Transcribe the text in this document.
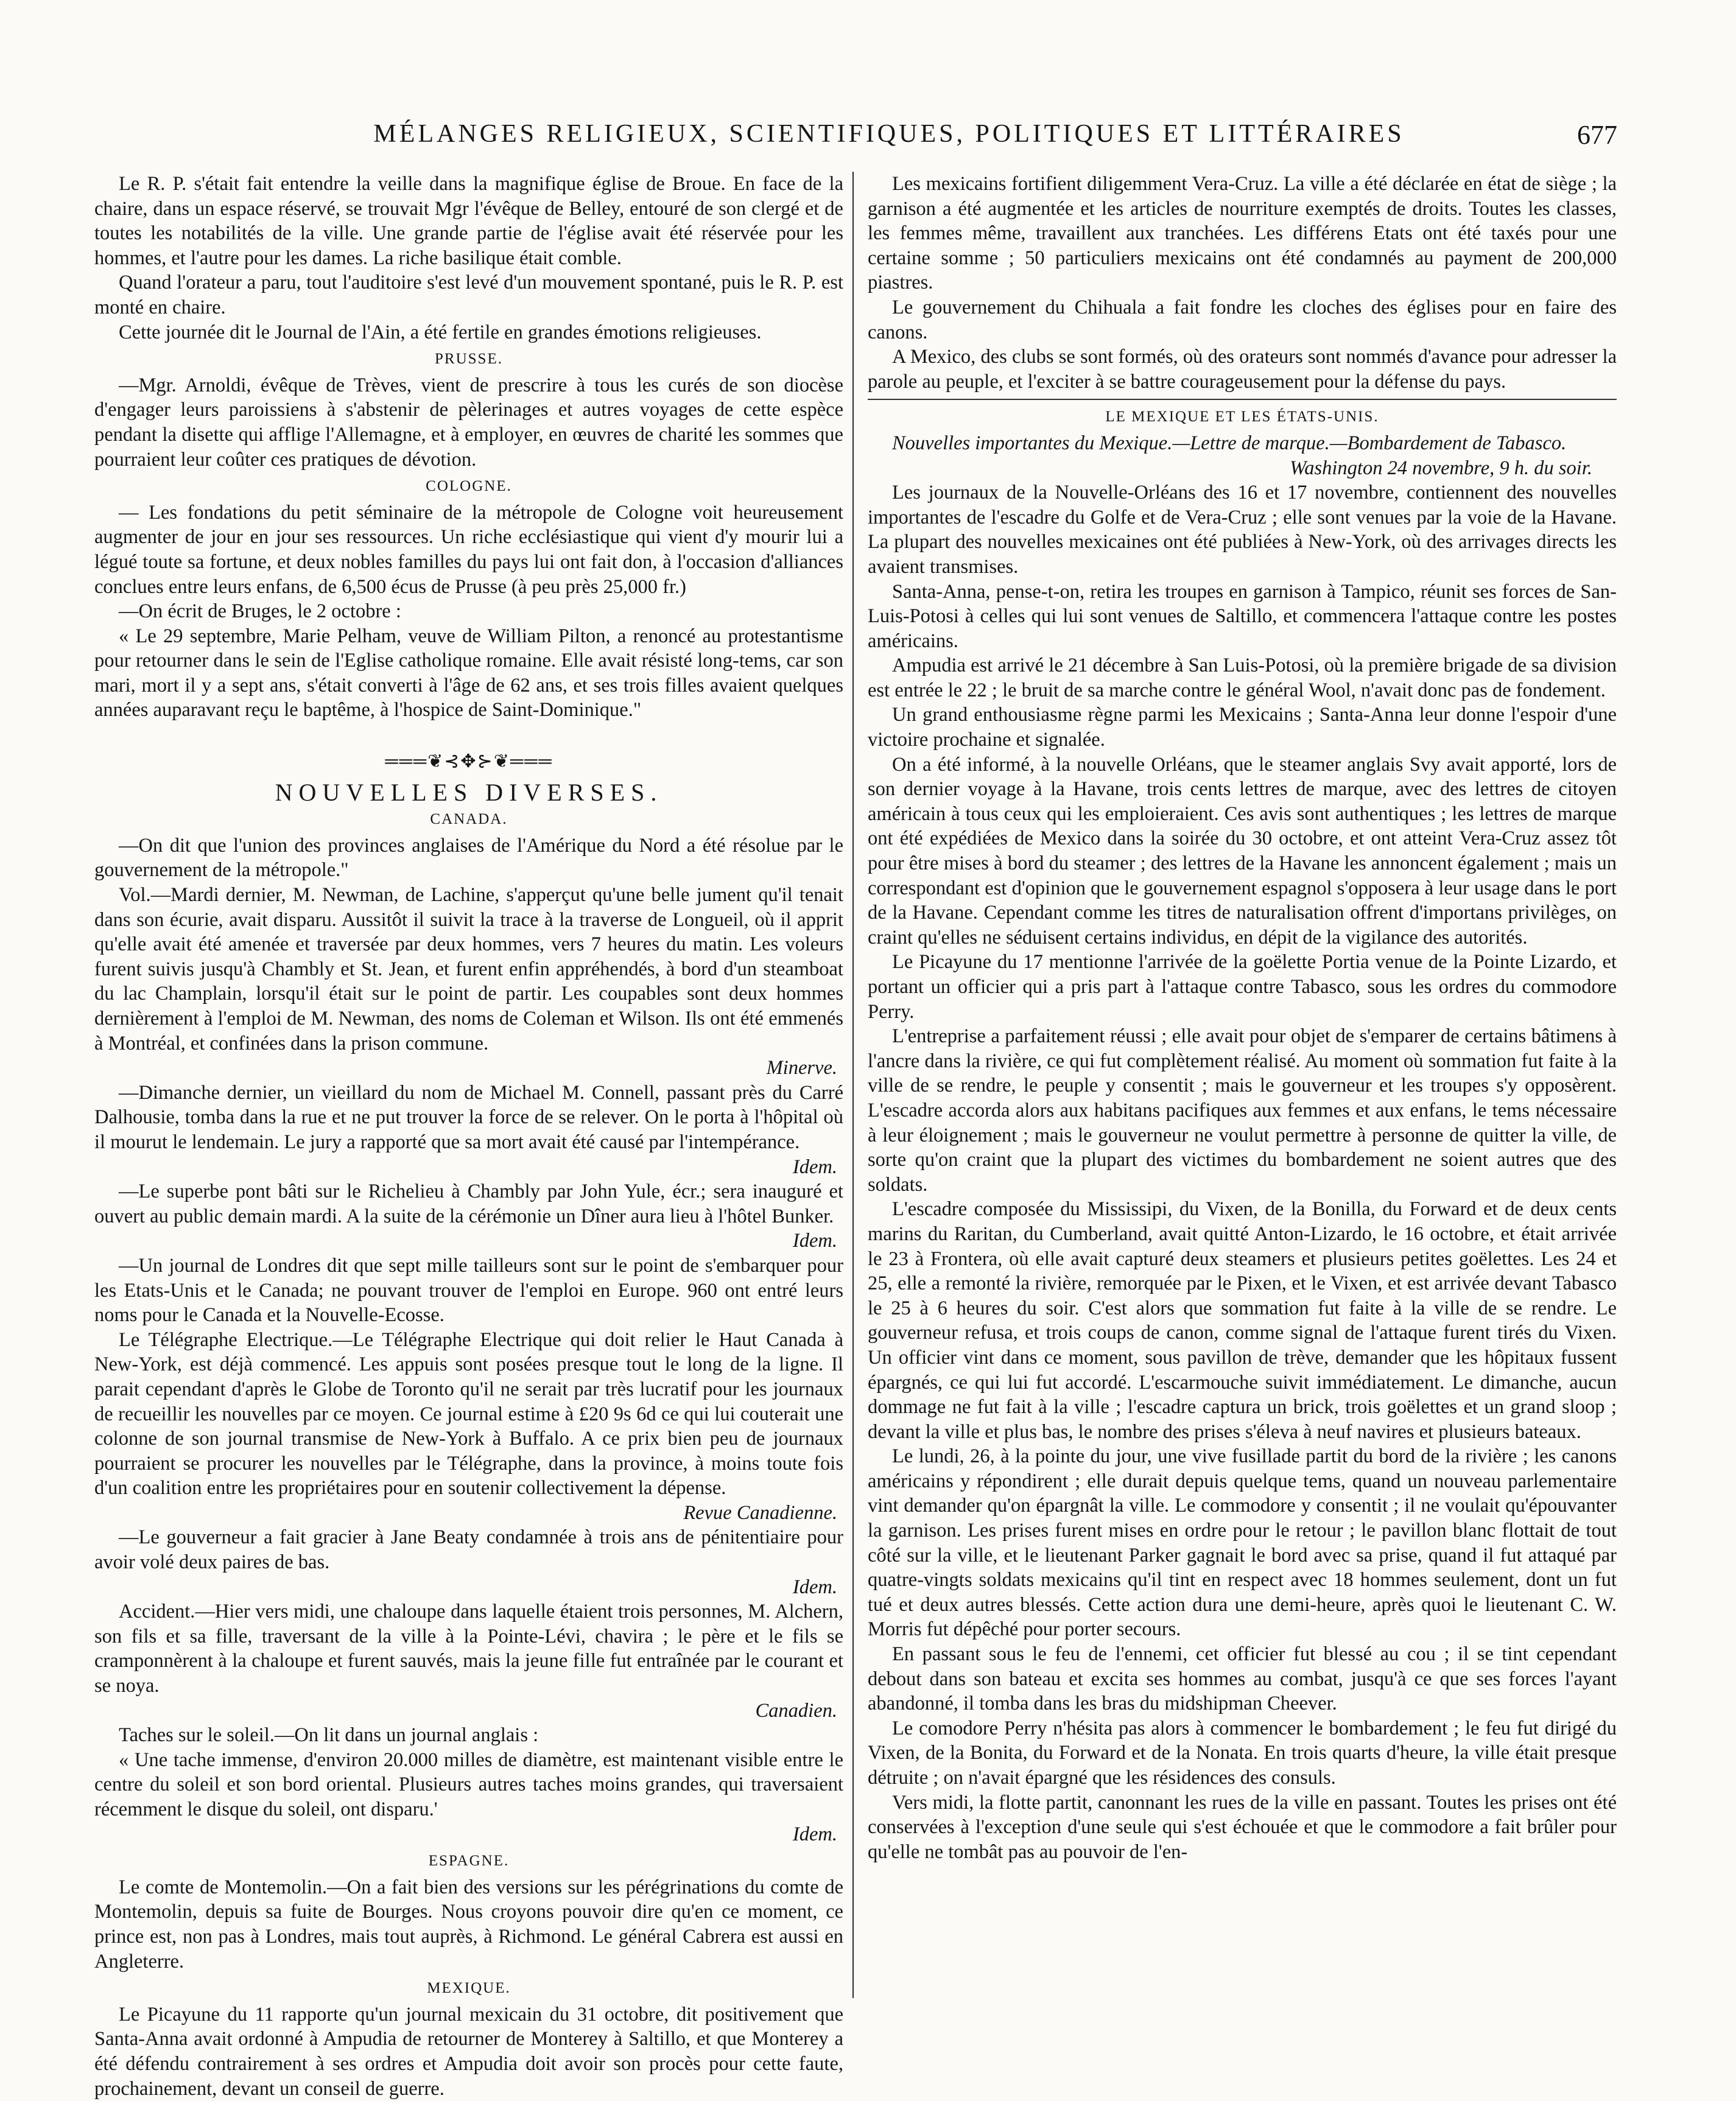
MÉLANGES RELIGIEUX, SCIENTIFIQUES, POLITIQUES ET LITTÉRAIRES	677

Le R. P. s'était fait entendre la veille dans la magnifique église de Broue. En face de la chaire, dans un espace réservé, se trouvait Mgr l'évêque de Belley, entouré de son clergé et de toutes les notabilités de la ville. Une grande partie de l'église avait été réservée pour les hommes, et l'autre pour les dames. La riche basilique était comble.

Quand l'orateur a paru, tout l'auditoire s'est levé d'un mouvement spontané, puis le R. P. est monté en chaire.

Cette journée dit le Journal de l'Ain, a été fertile en grandes émotions religieuses.

PRUSSE.

—Mgr. Arnoldi, évêque de Trèves, vient de prescrire à tous les curés de son diocèse d'engager leurs paroissiens à s'abstenir de pèlerinages et autres voyages de cette espèce pendant la disette qui afflige l'Allemagne, et à employer, en œuvres de charité les sommes que pourraient leur coûter ces pratiques de dévotion.

COLOGNE.

— Les fondations du petit séminaire de la métropole de Cologne voit heureusement augmenter de jour en jour ses ressources. Un riche ecclésiastique qui vient d'y mourir lui a légué toute sa fortune, et deux nobles familles du pays lui ont fait don, à l'occasion d'alliances conclues entre leurs enfans, de 6,500 écus de Prusse (à peu près 25,000 fr.)

—On écrit de Bruges, le 2 octobre :

« Le 29 septembre, Marie Pelham, veuve de William Pilton, a renoncé au protestantisme pour retourner dans le sein de l'Eglise catholique romaine. Elle avait résisté long-tems, car son mari, mort il y a sept ans, s'était converti à l'âge de 62 ans, et ses trois filles avaient quelques années auparavant reçu le baptême, à l'hospice de Saint-Dominique."

═══❦⊰✥⊱❦═══
NOUVELLES DIVERSES.
CANADA.

—On dit que l'union des provinces anglaises de l'Amérique du Nord a été résolue par le gouvernement de la métropole."

Vol.—Mardi dernier, M. Newman, de Lachine, s'apperçut qu'une belle jument qu'il tenait dans son écurie, avait disparu. Aussitôt il suivit la trace à la traverse de Longueil, où il apprit qu'elle avait été amenée et traversée par deux hommes, vers 7 heures du matin. Les voleurs furent suivis jusqu'à Chambly et St. Jean, et furent enfin appréhendés, à bord d'un steamboat du lac Champlain, lorsqu'il était sur le point de partir. Les coupables sont deux hommes dernièrement à l'emploi de M. Newman, des noms de Coleman et Wilson. Ils ont été emmenés à Montréal, et confinées dans la prison commune.

Minerve.

—Dimanche dernier, un vieillard du nom de Michael M. Connell, passant près du Carré Dalhousie, tomba dans la rue et ne put trouver la force de se relever. On le porta à l'hôpital où il mourut le lendemain. Le jury a rapporté que sa mort avait été causé par l'intempérance.

Idem.

—Le superbe pont bâti sur le Richelieu à Chambly par John Yule, écr.; sera inauguré et ouvert au public demain mardi. A la suite de la cérémonie un Dîner aura lieu à l'hôtel Bunker.

Idem.

—Un journal de Londres dit que sept mille tailleurs sont sur le point de s'embarquer pour les Etats-Unis et le Canada; ne pouvant trouver de l'emploi en Europe. 960 ont entré leurs noms pour le Canada et la Nouvelle-Ecosse.

Le Télégraphe Electrique.—Le Télégraphe Electrique qui doit relier le Haut Canada à New-York, est déjà commencé. Les appuis sont posées presque tout le long de la ligne. Il parait cependant d'après le Globe de Toronto qu'il ne serait par très lucratif pour les journaux de recueillir les nouvelles par ce moyen. Ce journal estime à £20 9s 6d ce qui lui couterait une colonne de son journal transmise de New-York à Buffalo. A ce prix bien peu de journaux pourraient se procurer les nouvelles par le Télégraphe, dans la province, à moins toute fois d'un coalition entre les propriétaires pour en soutenir collectivement la dépense.

Revue Canadienne.

—Le gouverneur a fait gracier à Jane Beaty condamnée à trois ans de pénitentiaire pour avoir volé deux paires de bas.

Idem.

Accident.—Hier vers midi, une chaloupe dans laquelle étaient trois personnes, M. Alchern, son fils et sa fille, traversant de la ville à la Pointe-Lévi, chavira ; le père et le fils se cramponnèrent à la chaloupe et furent sauvés, mais la jeune fille fut entraînée par le courant et se noya.

Canadien.

Taches sur le soleil.—On lit dans un journal anglais :

« Une tache immense, d'environ 20.000 milles de diamètre, est maintenant visible entre le centre du soleil et son bord oriental. Plusieurs autres taches moins grandes, qui traversaient récemment le disque du soleil, ont disparu.'

Idem.
ESPAGNE.

Le comte de Montemolin.—On a fait bien des versions sur les pérégrinations du comte de Montemolin, depuis sa fuite de Bourges. Nous croyons pouvoir dire qu'en ce moment, ce prince est, non pas à Londres, mais tout auprès, à Richmond. Le général Cabrera est aussi en Angleterre.

MEXIQUE.

Le Picayune du 11 rapporte qu'un journal mexicain du 31 octobre, dit positivement que Santa-Anna avait ordonné à Ampudia de retourner de Monterey à Saltillo, et que Monterey a été défendu contrairement à ses ordres et Ampudia doit avoir son procès pour cette faute, prochainement, devant un conseil de guerre.

Les mexicains fortifient diligemment Vera-Cruz. La ville a été déclarée en état de siège ; la garnison a été augmentée et les articles de nourriture exemptés de droits. Toutes les classes, les femmes même, travaillent aux tranchées. Les différens Etats ont été taxés pour une certaine somme ; 50 particuliers mexicains ont été condamnés au payment de 200,000 piastres.

Le gouvernement du Chihuala a fait fondre les cloches des églises pour en faire des canons.

A Mexico, des clubs se sont formés, où des orateurs sont nommés d'avance pour adresser la parole au peuple, et l'exciter à se battre courageusement pour la défense du pays.

LE MEXIQUE ET LES ÉTATS-UNIS.

Nouvelles importantes du Mexique.—Lettre de marque.—Bombardement de Tabasco.

Washington 24 novembre, 9 h. du soir.

Les journaux de la Nouvelle-Orléans des 16 et 17 novembre, contiennent des nouvelles importantes de l'escadre du Golfe et de Vera-Cruz ; elle sont venues par la voie de la Havane. La plupart des nouvelles mexicaines ont été publiées à New-York, où des arrivages directs les avaient transmises.

Santa-Anna, pense-t-on, retira les troupes en garnison à Tampico, réunit ses forces de San-Luis-Potosi à celles qui lui sont venues de Saltillo, et commencera l'attaque contre les postes américains.

Ampudia est arrivé le 21 décembre à San Luis-Potosi, où la première brigade de sa division est entrée le 22 ; le bruit de sa marche contre le général Wool, n'avait donc pas de fondement.

Un grand enthousiasme règne parmi les Mexicains ; Santa-Anna leur donne l'espoir d'une victoire prochaine et signalée.

On a été informé, à la nouvelle Orléans, que le steamer anglais Svy avait apporté, lors de son dernier voyage à la Havane, trois cents lettres de marque, avec des lettres de citoyen américain à tous ceux qui les emploieraient. Ces avis sont authentiques ; les lettres de marque ont été expédiées de Mexico dans la soirée du 30 octobre, et ont atteint Vera-Cruz assez tôt pour être mises à bord du steamer ; des lettres de la Havane les annoncent également ; mais un correspondant est d'opinion que le gouvernement espagnol s'opposera à leur usage dans le port de la Havane. Cependant comme les titres de naturalisation offrent d'importans privilèges, on craint qu'elles ne séduisent certains individus, en dépit de la vigilance des autorités.

Le Picayune du 17 mentionne l'arrivée de la goëlette Portia venue de la Pointe Lizardo, et portant un officier qui a pris part à l'attaque contre Tabasco, sous les ordres du commodore Perry.

L'entreprise a parfaitement réussi ; elle avait pour objet de s'emparer de certains bâtimens à l'ancre dans la rivière, ce qui fut complètement réalisé. Au moment où sommation fut faite à la ville de se rendre, le peuple y consentit ; mais le gouverneur et les troupes s'y opposèrent. L'escadre accorda alors aux habitans pacifiques aux femmes et aux enfans, le tems nécessaire à leur éloignement ; mais le gouverneur ne voulut permettre à personne de quitter la ville, de sorte qu'on craint que la plupart des victimes du bombardement ne soient autres que des soldats.

L'escadre composée du Mississipi, du Vixen, de la Bonilla, du Forward et de deux cents marins du Raritan, du Cumberland, avait quitté Anton-Lizardo, le 16 octobre, et était arrivée le 23 à Frontera, où elle avait capturé deux steamers et plusieurs petites goëlettes. Les 24 et 25, elle a remonté la rivière, remorquée par le Pixen, et le Vixen, et est arrivée devant Tabasco le 25 à 6 heures du soir. C'est alors que sommation fut faite à la ville de se rendre. Le gouverneur refusa, et trois coups de canon, comme signal de l'attaque furent tirés du Vixen. Un officier vint dans ce moment, sous pavillon de trève, demander que les hôpitaux fussent épargnés, ce qui lui fut accordé. L'escarmouche suivit immédiatement. Le dimanche, aucun dommage ne fut fait à la ville ; l'escadre captura un brick, trois goëlettes et un grand sloop ; devant la ville et plus bas, le nombre des prises s'éleva à neuf navires et plusieurs bateaux.

Le lundi, 26, à la pointe du jour, une vive fusillade partit du bord de la rivière ; les canons américains y répondirent ; elle durait depuis quelque tems, quand un nouveau parlementaire vint demander qu'on épargnât la ville. Le commodore y consentit ; il ne voulait qu'épouvanter la garnison. Les prises furent mises en ordre pour le retour ; le pavillon blanc flottait de tout côté sur la ville, et le lieutenant Parker gagnait le bord avec sa prise, quand il fut attaqué par quatre-vingts soldats mexicains qu'il tint en respect avec 18 hommes seulement, dont un fut tué et deux autres blessés. Cette action dura une demi-heure, après quoi le lieutenant C. W. Morris fut dépêché pour porter secours.

En passant sous le feu de l'ennemi, cet officier fut blessé au cou ; il se tint cependant debout dans son bateau et excita ses hommes au combat, jusqu'à ce que ses forces l'ayant abandonné, il tomba dans les bras du midshipman Cheever.

Le comodore Perry n'hésita pas alors à commencer le bombardement ; le feu fut dirigé du Vixen, de la Bonita, du Forward et de la Nonata. En trois quarts d'heure, la ville était presque détruite ; on n'avait épargné que les résidences des consuls.

Vers midi, la flotte partit, canonnant les rues de la ville en passant. Toutes les prises ont été conservées à l'exception d'une seule qui s'est échouée et que le commodore a fait brûler pour qu'elle ne tombât pas au pouvoir de l'en-
